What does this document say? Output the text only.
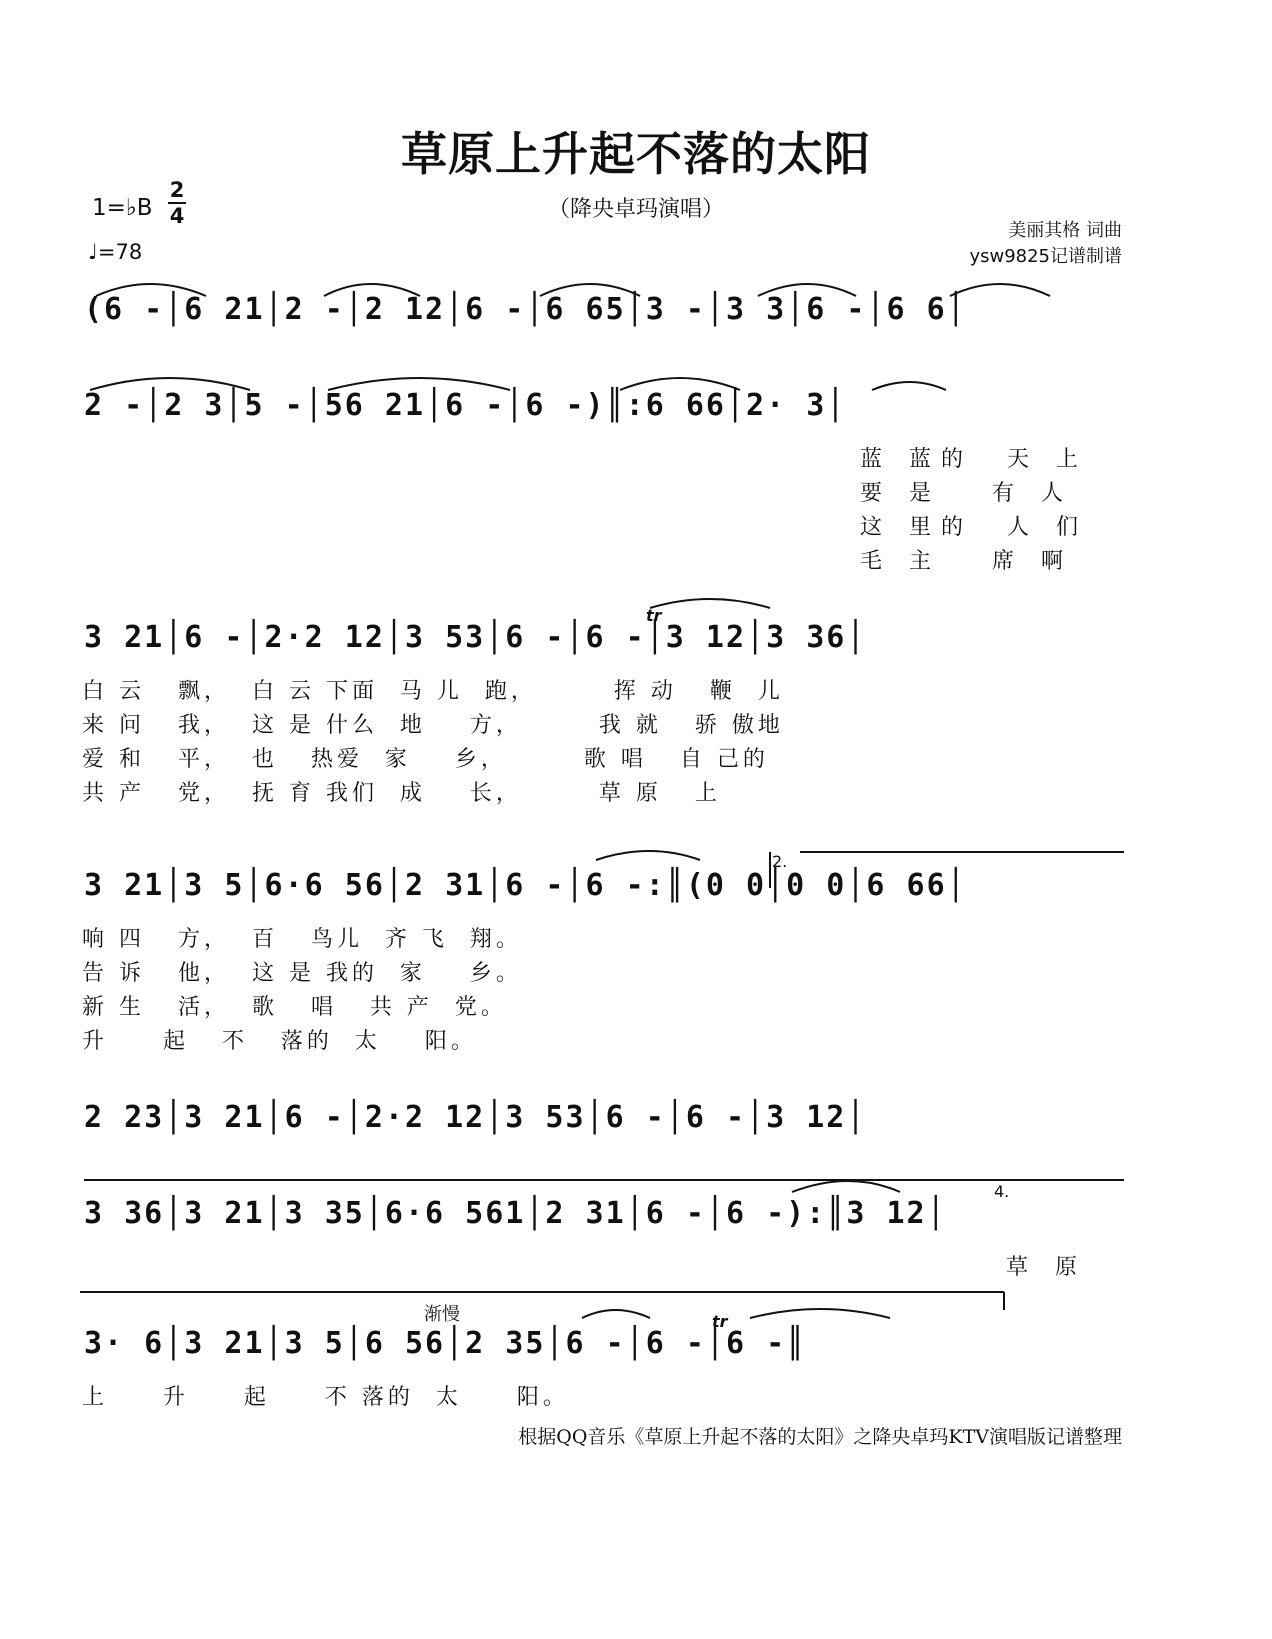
草原上升起不落的太阳
（降央卓玛演唱）
1=♭B
2
4
♩=78
美丽其格 词曲
ysw9825记谱制谱
(6 -│6 21│2 -│2 12│6 -│6 65│3 -│3 3│6 -│6 6│
2 -│2 3│5 -│56 21│6 -│6 -)║:6 66│2· 3│
3 21│6 -│2·2 12│3 53│6 -│6 -│3 12│3 36│
3 21│3 5│6·6 56│2 31│6 -│6 -:║(0 0│0 0│6 66│
2 23│3 21│6 -│2·2 12│3 53│6 -│6 -│3 12│
3 36│3 21│3 35│6·6 561│2 31│6 -│6 -):║3 12│
3· 6│3 21│3 5│6 56│2 35│6 -│6 -│6 -║
蓝 蓝的  天 上
要 是   有 人
这 里的  人 们
毛 主   席 啊
白 云   飘，  白 云 下面  马 儿  跑，       挥 动   鞭  儿
来 问   我，  这 是 什么  地    方，       我 就   骄 傲地
爱 和   平，  也   热爱  家    乡，       歌 唱   自 己的
共 产   党，  抚 育 我们  成    长，       草 原   上
响 四   方，  百   鸟儿  齐 飞  翔。
告 诉   他，  这 是 我的  家    乡。
新 生   活，  歌   唱   共 产  党。
升     起   不   落的  太    阳。
草 原
上     升     起     不 落的  太     阳。
2.
4.
渐慢
tr
tr
根据QQ音乐《草原上升起不落的太阳》之降央卓玛KTV演唱版记谱整理
